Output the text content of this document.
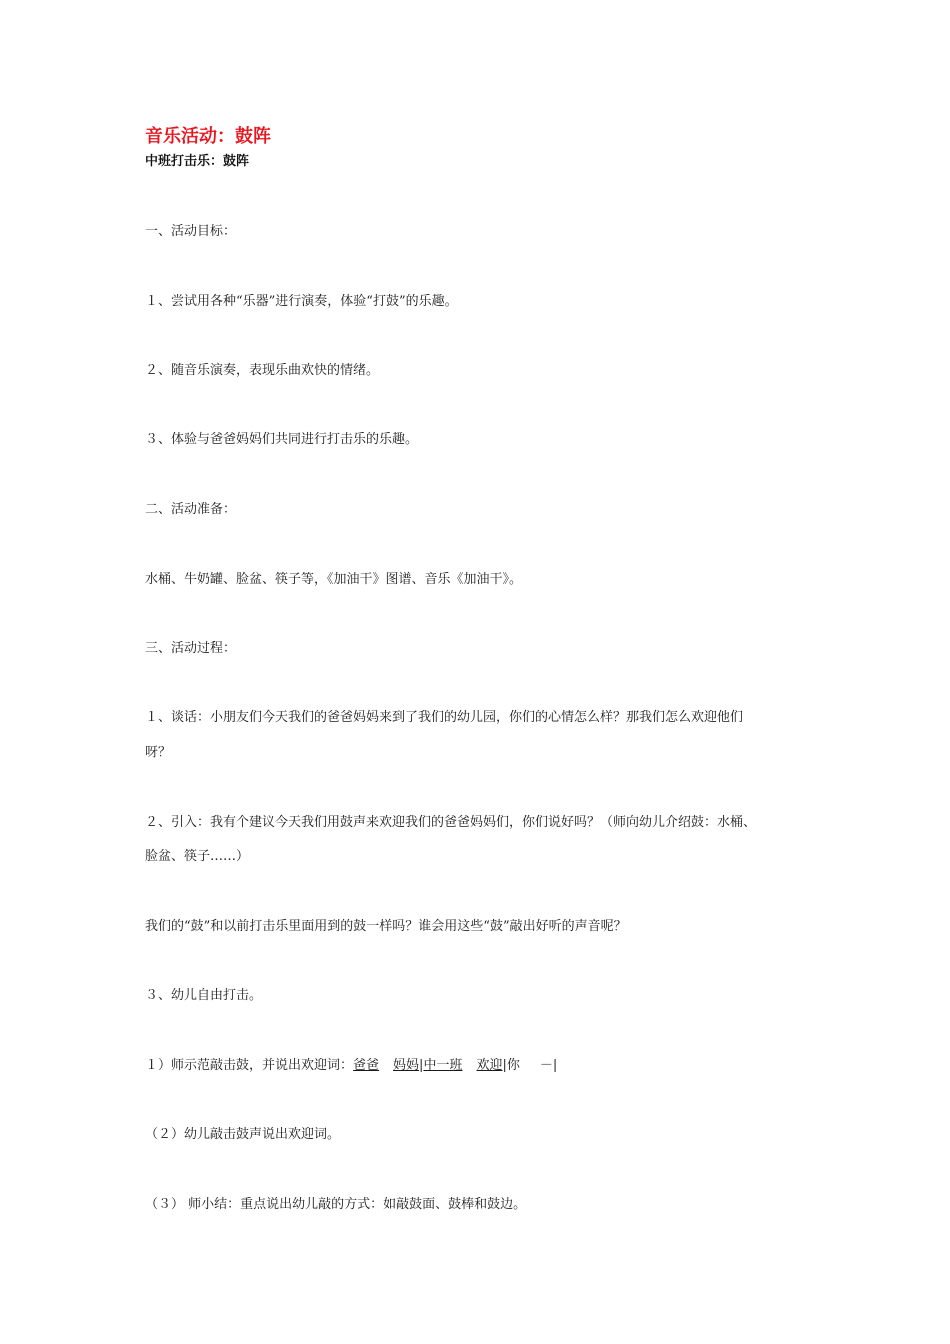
音乐活动：鼓阵
中班打击乐：鼓阵
一、活动目标：
１、尝试用各种“乐器”进行演奏，体验“打鼓”的乐趣。
２、随音乐演奏，表现乐曲欢快的情绪。
３、体验与爸爸妈妈们共同进行打击乐的乐趣。
二、活动准备：
水桶、牛奶罐、脸盆、筷子等，《加油干》图谱、音乐《加油干》。
三、活动过程：
１、谈话：小朋友们今天我们的爸爸妈妈来到了我们的幼儿园，你们的心情怎么样？那我们怎么欢迎他们
呀？
２、引入：我有个建议今天我们用鼓声来欢迎我们的爸爸妈妈们，你们说好吗？（师向幼儿介绍鼓：水桶、
脸盆、筷子……）
我们的“鼓”和以前打击乐里面用到的鼓一样吗？谁会用这些“鼓”敲出好听的声音呢？
３、幼儿自由打击。
１）师示范敲击鼓，并说出欢迎词：爸爸 妈妈|中一班 欢迎|你 －|
（２）幼儿敲击鼓声说出欢迎词。
（３） 师小结：重点说出幼儿敲的方式：如敲鼓面、鼓棒和鼓边。
